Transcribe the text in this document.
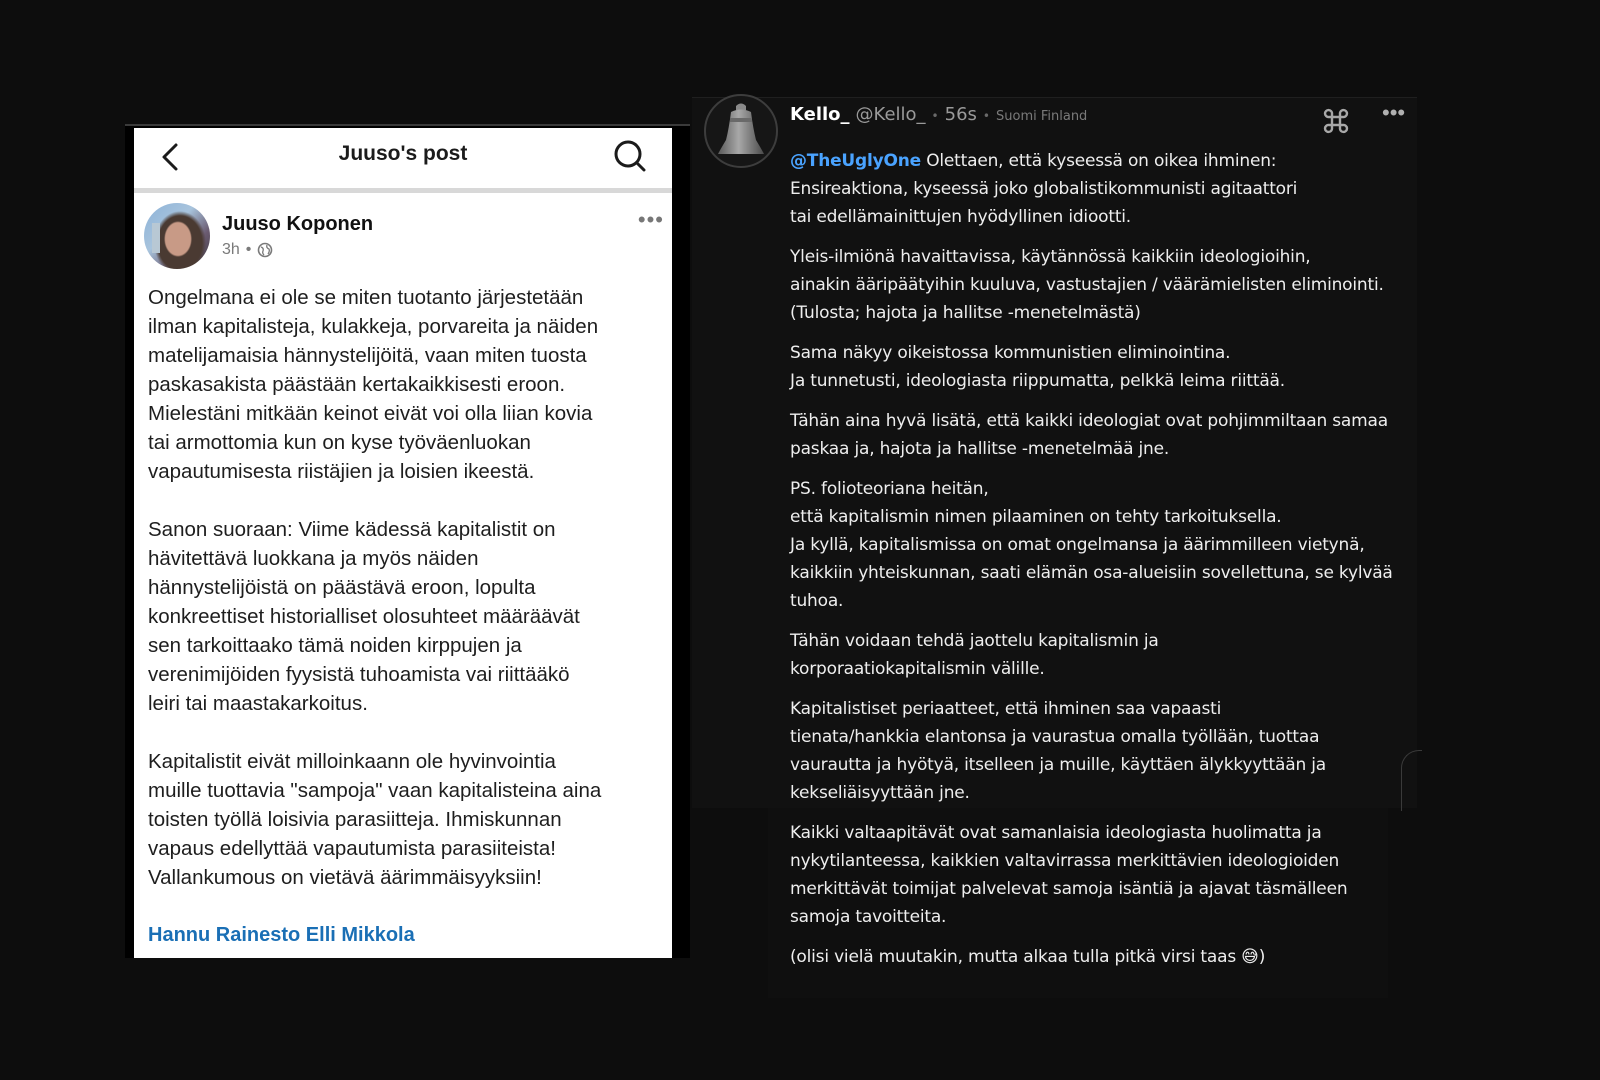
Juuso's post
Juuso Koponen
3h •
•••

Ongelmana ei ole se miten tuotanto järjestetään
ilman kapitalisteja, kulakkeja, porvareita ja näiden
matelijamaisia hännystelijöitä, vaan miten tuosta
paskasakista päästään kertakaikkisesti eroon.
Mielestäni mitkään keinot eivät voi olla liian kovia
tai armottomia kun on kyse työväenluokan
vapautumisesta riistäjien ja loisien ikeestä.

Sanon suoraan: Viime kädessä kapitalistit on
hävitettävä luokkana ja myös näiden
hännystelijöistä on päästävä eroon, lopulta
konkreettiset historialliset olosuhteet määräävät
sen tarkoittaako tämä noiden kirppujen ja
verenimijöiden fyysistä tuhoamista vai riittääkö
leiri tai maastakarkoitus.

Kapitalistit eivät milloinkaann ole hyvinvointia
muille tuottavia "sampoja" vaan kapitalisteina aina
toisten työllä loisivia parasiitteja. Ihmiskunnan
vapaus edellyttää vapautumista parasiiteista!
Vallankumous on vietävä äärimmäisyyksiin!

Hannu Rainesto Elli Mikkola
Kello_ @Kello_ • 56s • Suomi Finland	•••

@TheUglyOne Olettaen, että kyseessä on oikea ihminen:
Ensireaktiona, kyseessä joko globalistikommunisti agitaattori
tai edellämainittujen hyödyllinen idiootti.

Yleis-ilmiönä havaittavissa, käytännössä kaikkiin ideologioihin,
ainakin ääripäätyihin kuuluva, vastustajien / väärämielisten eliminointi.
(Tulosta; hajota ja hallitse -menetelmästä)

Sama näkyy oikeistossa kommunistien eliminointina.
Ja tunnetusti, ideologiasta riippumatta, pelkkä leima riittää.

Tähän aina hyvä lisätä, että kaikki ideologiat ovat pohjimmiltaan samaa
paskaa ja, hajota ja hallitse -menetelmää jne.

PS. folioteoriana heitän,
että kapitalismin nimen pilaaminen on tehty tarkoituksella.
Ja kyllä, kapitalismissa on omat ongelmansa ja äärimmilleen vietynä,
kaikkiin yhteiskunnan, saati elämän osa-alueisiin sovellettuna, se kylvää
tuhoa.

Tähän voidaan tehdä jaottelu kapitalismin ja
korporaatiokapitalismin välille.

Kapitalistiset periaatteet, että ihminen saa vapaasti
tienata/hankkia elantonsa ja vaurastua omalla työllään, tuottaa
vaurautta ja hyötyä, itselleen ja muille, käyttäen älykkyyttään ja
kekseliäisyyttään jne.

Kaikki valtaapitävät ovat samanlaisia ideologiasta huolimatta ja
nykytilanteessa, kaikkien valtavirrassa merkittävien ideologioiden
merkittävät toimijat palvelevat samoja isäntiä ja ajavat täsmälleen
samoja tavoitteita.

(olisi vielä muutakin, mutta alkaa tulla pitkä virsi taas 😅)
